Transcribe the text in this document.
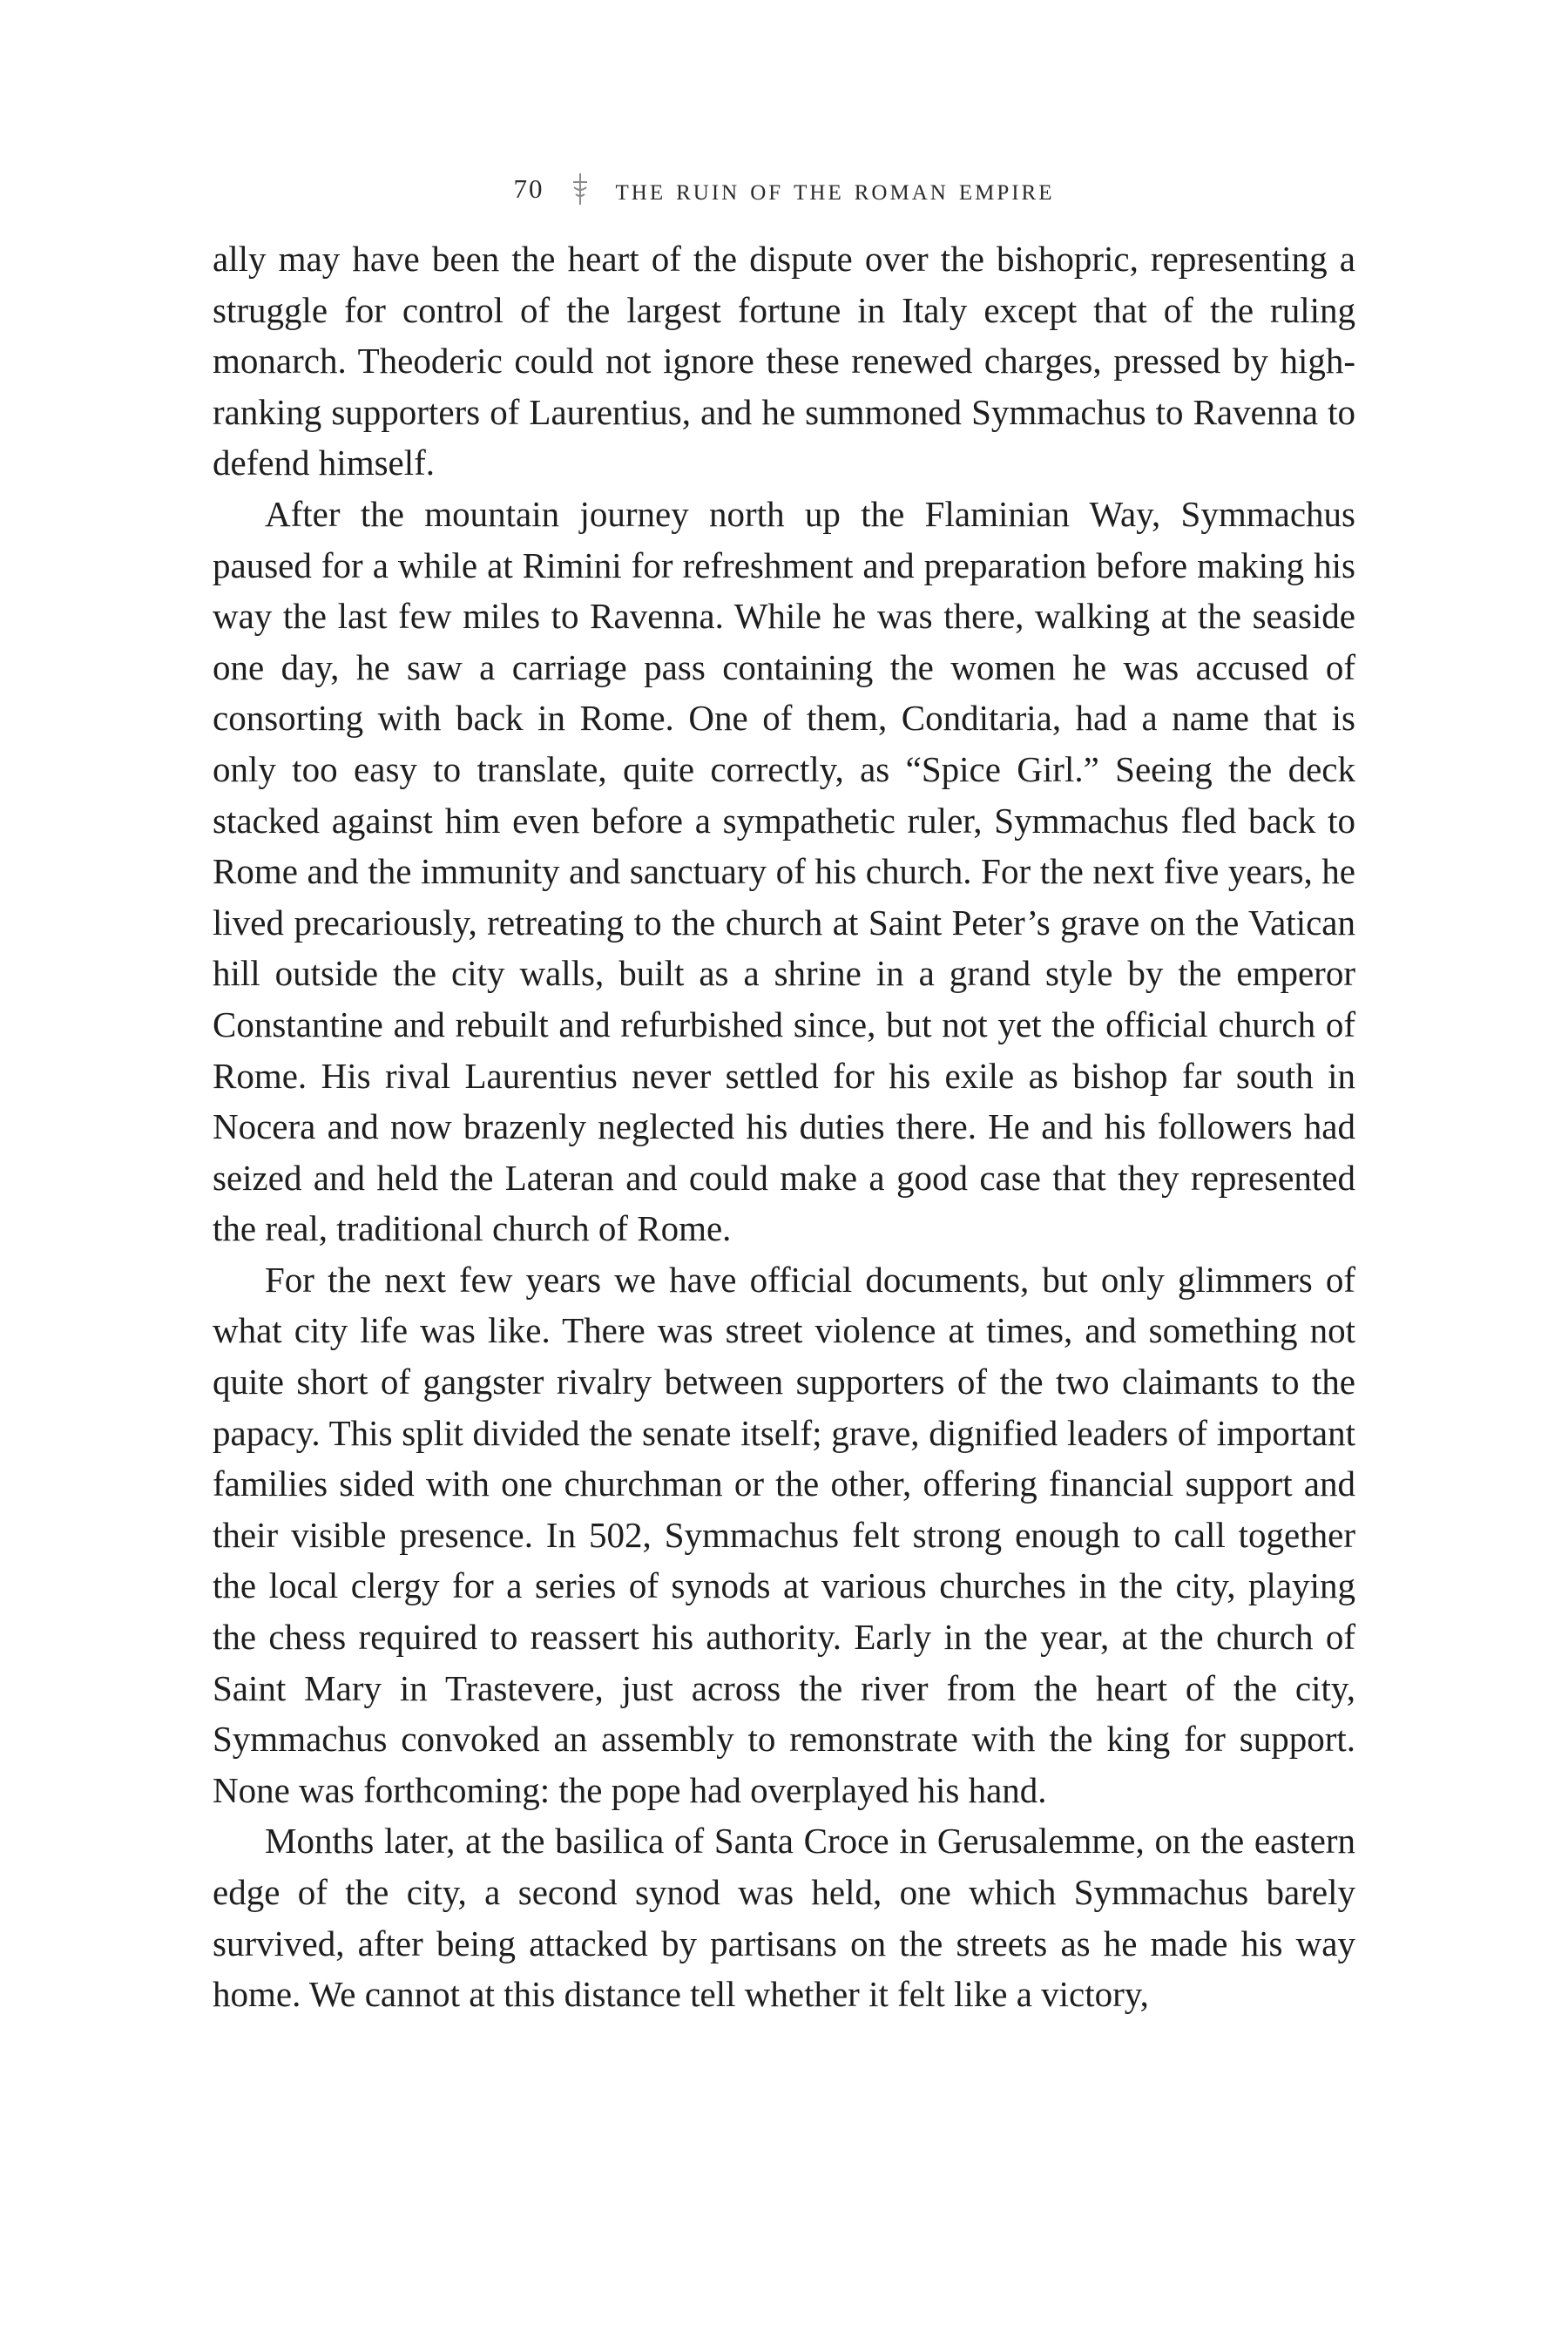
70 the ruin of the roman empire

ally may have been the heart of the dispute over the bishopric, representing a struggle for control of the largest fortune in Italy except that of the ruling monarch. Theoderic could not ignore these renewed charges, pressed by high-ranking supporters of Laurentius, and he summoned Symmachus to Ravenna to defend himself.

After the mountain journey north up the Flaminian Way, Symmachus paused for a while at Rimini for refreshment and preparation before making his way the last few miles to Ravenna. While he was there, walking at the seaside one day, he saw a carriage pass containing the women he was accused of consorting with back in Rome. One of them, Conditaria, had a name that is only too easy to translate, quite correctly, as “Spice Girl.” Seeing the deck stacked against him even before a sympathetic ruler, Symmachus fled back to Rome and the immunity and sanctuary of his church. For the next five years, he lived precariously, retreating to the church at Saint Peter’s grave on the Vatican hill outside the city walls, built as a shrine in a grand style by the emperor Constantine and rebuilt and refurbished since, but not yet the official church of Rome. His rival Laurentius never settled for his exile as bishop far south in Nocera and now brazenly neglected his duties there. He and his followers had seized and held the Lateran and could make a good case that they represented the real, traditional church of Rome.

For the next few years we have official documents, but only glimmers of what city life was like. There was street violence at times, and something not quite short of gangster rivalry between supporters of the two claimants to the papacy. This split divided the senate itself; grave, dignified leaders of important families sided with one churchman or the other, offering financial support and their visible presence. In 502, Symmachus felt strong enough to call together the local clergy for a series of synods at various churches in the city, playing the chess required to reassert his authority. Early in the year, at the church of Saint Mary in Trastevere, just across the river from the heart of the city, Symmachus convoked an assembly to remonstrate with the king for support. None was forthcoming: the pope had overplayed his hand.

Months later, at the basilica of Santa Croce in Gerusalemme, on the eastern edge of the city, a second synod was held, one which Symmachus barely survived, after being attacked by partisans on the streets as he made his way home. We cannot at this distance tell whether it felt like a victory,
